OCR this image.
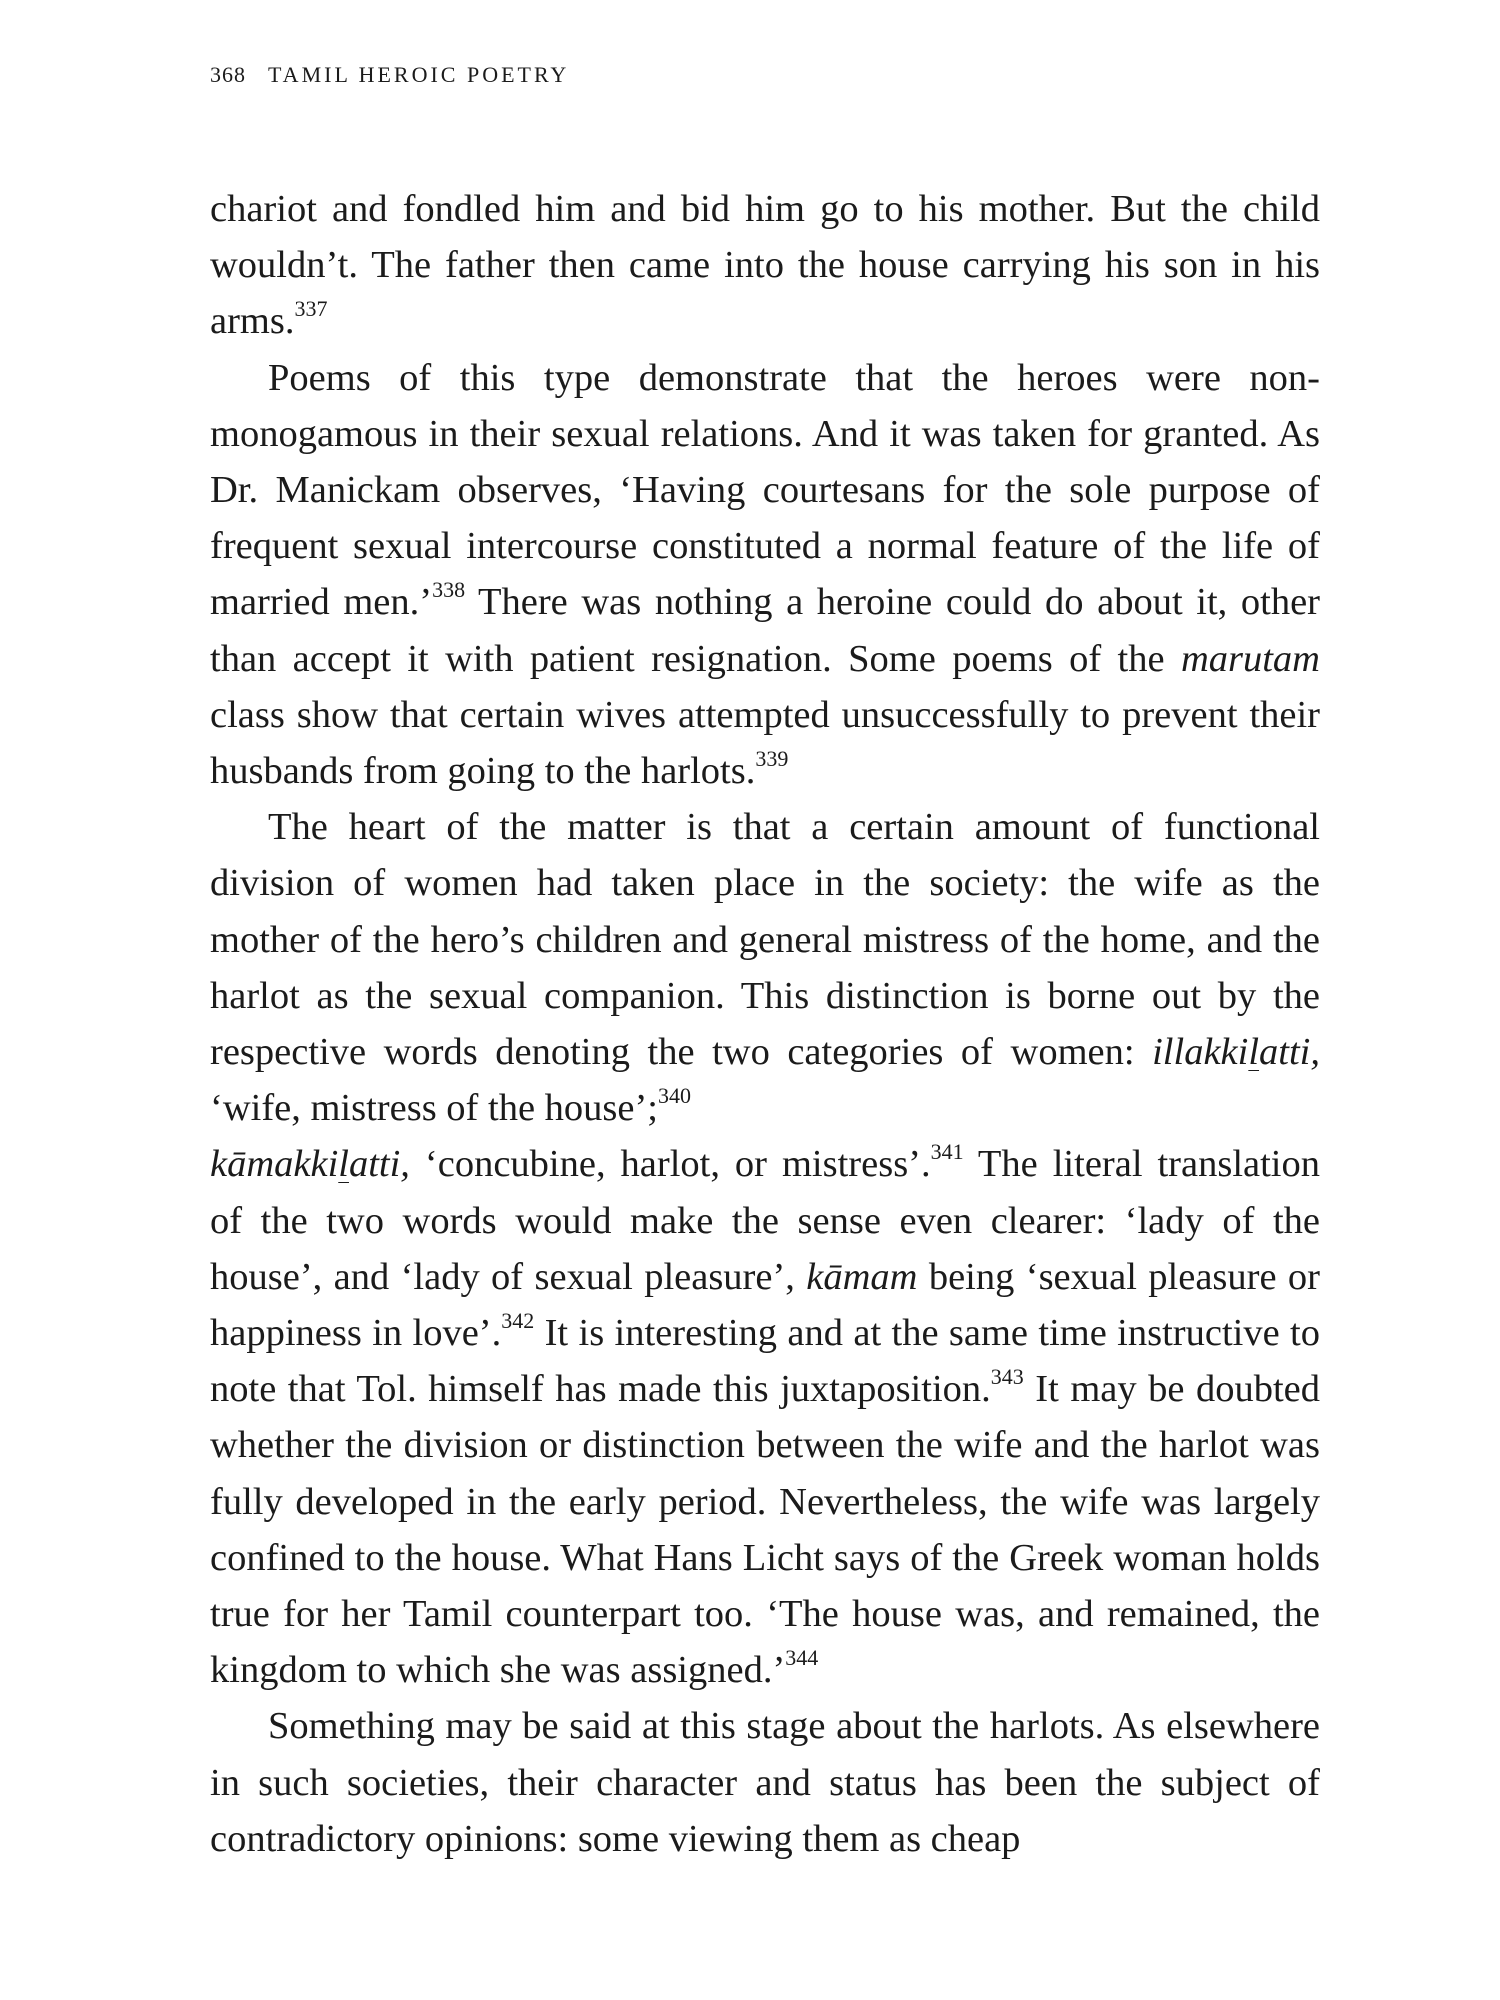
368 TAMIL HEROIC POETRY

chariot and fondled him and bid him go to his mother. But the child wouldn’t. The father then came into the house carrying his son in his arms.$^{337}$

Poems of this type demonstrate that the heroes were non-monogamous in their sexual relations. And it was taken for granted. As Dr. Manickam observes, ‘Having courtesans for the sole purpose of frequent sexual intercourse constituted a normal feature of the life of married men.’$^{338}$ There was nothing a heroine could do about it, other than accept it with patient resignation. Some poems of the marutam class show that certain wives attempted unsuccessfully to prevent their husbands from going to the harlots.$^{339}$

The heart of the matter is that a certain amount of functional division of women had taken place in the society: the wife as the mother of the hero’s children and general mistress of the home, and the harlot as the sexual companion. This distinction is borne out by the respective words denoting the two categories of women: illakkilatti, ‘wife, mistress of the house’;$^{340}$
kāmakkilatti, ‘concubine, harlot, or mistress’.$^{341}$ The literal translation of the two words would make the sense even clearer: ‘lady of the house’, and ‘lady of sexual pleasure’, kāmam being ‘sexual pleasure or happiness in love’.$^{342}$ It is interesting and at the same time instructive to note that Tol. himself has made this juxtaposition.$^{343}$ It may be doubted whether the division or distinction between the wife and the harlot was fully developed in the early period. Nevertheless, the wife was largely confined to the house. What Hans Licht says of the Greek woman holds true for her Tamil counterpart too. ‘The house was, and remained, the kingdom to which she was assigned.’$^{344}$

Something may be said at this stage about the harlots. As elsewhere in such societies, their character and status has been the subject of contradictory opinions: some viewing them as cheap
